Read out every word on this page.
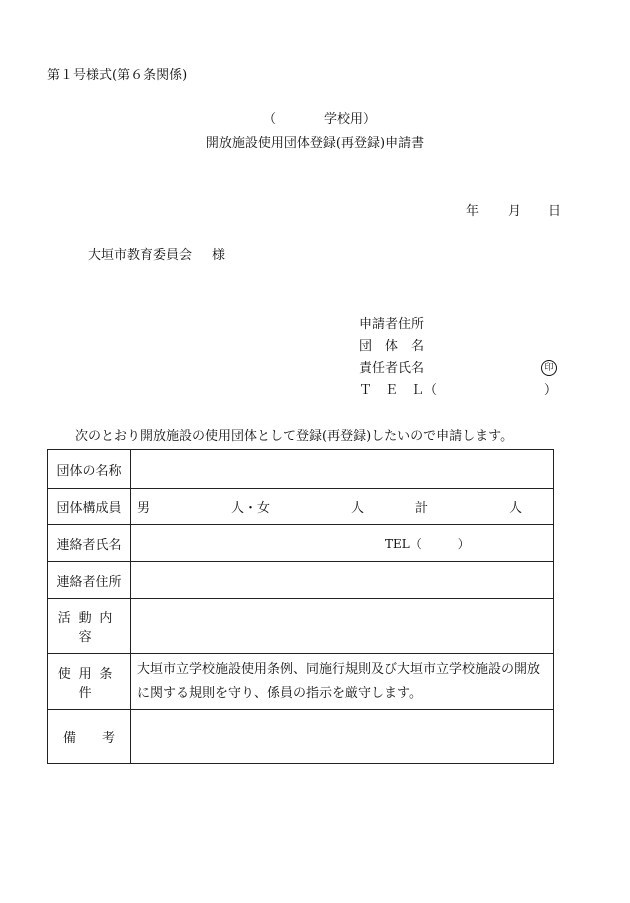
第１号様式(第６条関係)
（	学校用）
開放施設使用団体登録(再登録)申請書
年 月 日
大垣市教育委員会 様
申請者住所
団　体　名
責任者氏名	印
Ｔ　Ｅ　Ｌ（	）
次のとおり開放施設の使用団体として登録(再登録)したいので申請します。
団体の名称	
団体構成員	男 人・女 人 計 人
連絡者氏名	TEL（　　　）
連絡者住所	
活動内容	
使用条件	大垣市立学校施設使用条例、同施行規則及び大垣市立学校施設の開放に関する規則を守り、係員の指示を厳守します。
備　　考	
